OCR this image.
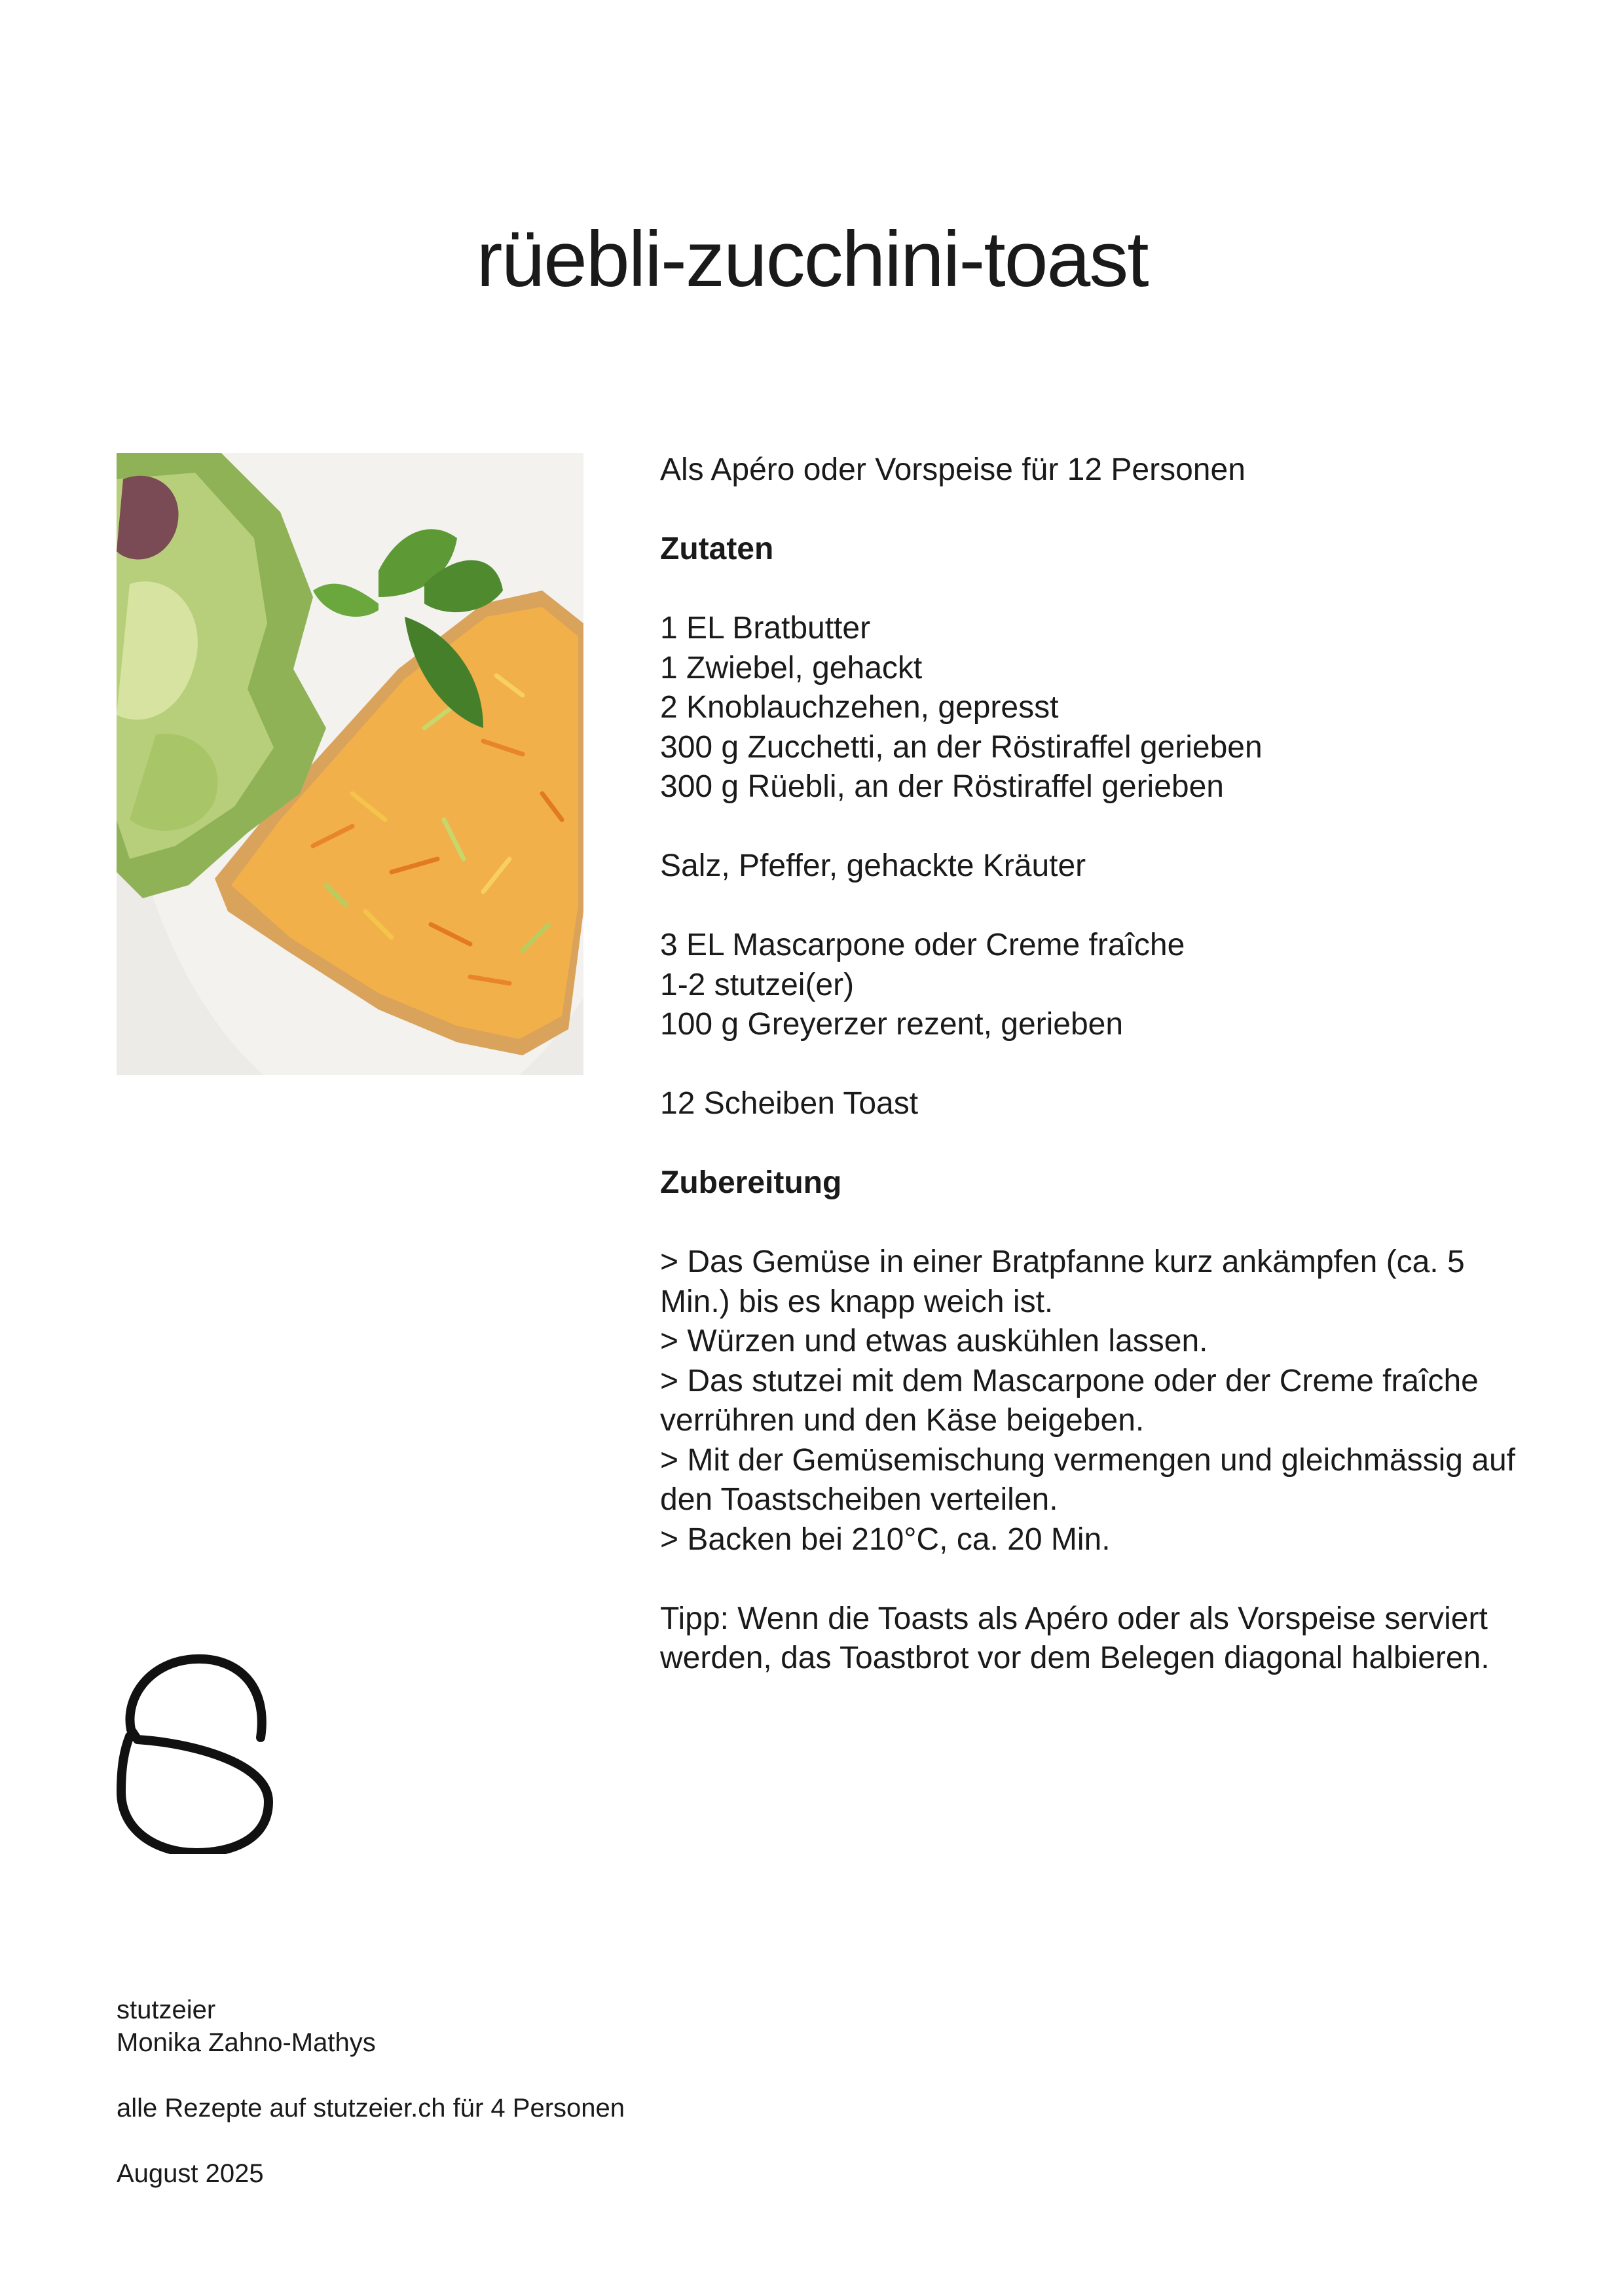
rüebli-zucchini-toast

Als Apéro oder Vorspeise für 12 Personen

Zutaten

1 EL Bratbutter

1 Zwiebel, gehackt

2 Knoblauchzehen, gepresst

300 g Zucchetti, an der Röstiraffel gerieben

300 g Rüebli, an der Röstiraffel gerieben

Salz, Pfeffer, gehackte Kräuter

3 EL Mascarpone oder Creme fraîche

1-2 stutzei(er)

100 g Greyerzer rezent, gerieben

12 Scheiben Toast

Zubereitung

> Das Gemüse in einer Bratpfanne kurz ankämpfen (ca. 5 Min.) bis es knapp weich ist.

> Würzen und etwas auskühlen lassen.

> Das stutzei mit dem Mascarpone oder der Creme fraîche verrühren und den Käse beigeben.

> Mit der Gemüsemischung vermengen und gleichmässig auf den Toastscheiben verteilen.

> Backen bei 210°C, ca. 20 Min.

Tipp: Wenn die Toasts als Apéro oder als Vorspeise serviert werden, das Toastbrot vor dem Belegen diagonal halbieren.

stutzeier

Monika Zahno-Mathys

alle Rezepte auf stutzeier.ch für 4 Personen

August 2025
